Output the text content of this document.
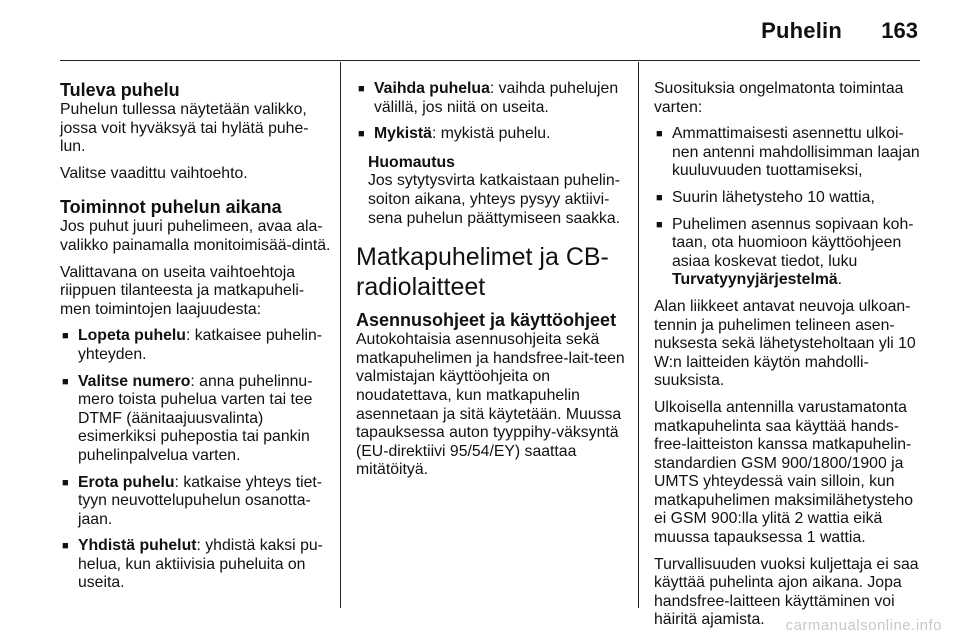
Puhelin 163
Tuleva puhelu

Puhelun tullessa näytetään valikko, jossa voit hyväksyä tai hylätä puhe-lun.

Valitse vaadittu vaihtoehto.

Toiminnot puhelun aikana

Jos puhut juuri puhelimeen, avaa ala-valikko painamalla monitoimisää-dintä.

Valittavana on useita vaihtoehtoja riippuen tilanteesta ja matkapuheli-men toimintojen laajuudesta:

■ Lopeta puhelu: katkaisee puhelin-yhteyden.
■ Valitse numero: anna puhelinnu-mero toista puhelua varten tai tee DTMF (äänitaajuusvalinta) esimerkiksi puhepostia tai pankin puhelinpalvelua varten.
■ Erota puhelu: katkaise yhteys tiet-tyyn neuvottelupuhelun osanotta-jaan.
■ Yhdistä puhelut: yhdistä kaksi pu-helua, kun aktiivisia puheluita on useita.
■ Vaihda puhelua: vaihda puhelujen välillä, jos niitä on useita.
■ Mykistä: mykistä puhelu.
Huomautus
Jos sytytysvirta katkaistaan puhelin-soiton aikana, yhteys pysyy aktiivi-sena puhelun päättymiseen saakka.
Matkapuhelimet ja CB-radiolaitteet
Asennusohjeet ja käyttöohjeet

Autokohtaisia asennusohjeita sekä matkapuhelimen ja handsfree-lait-teen valmistajan käyttöohjeita on noudatettava, kun matkapuhelin asennetaan ja sitä käytetään. Muussa tapauksessa auton tyyppihy-väksyntä (EU-direktiivi 95/54/EY) saattaa mitätöityä.

Suosituksia ongelmatonta toimintaa varten:

■ Ammattimaisesti asennettu ulkoi-nen antenni mahdollisimman laajan kuuluvuuden tuottamiseksi,
■ Suurin lähetysteho 10 wattia,
■ Puhelimen asennus sopivaan koh-taan, ota huomioon käyttöohjeen asiaa koskevat tiedot, luku Turvatyynyjärjestelmä.

Alan liikkeet antavat neuvoja ulkoan-tennin ja puhelimen telineen asen-nuksesta sekä lähetysteholtaan yli 10 W:n laitteiden käytön mahdolli-suuksista.

Ulkoisella antennilla varustamatonta matkapuhelinta saa käyttää hands-free-laitteiston kanssa matkapuhelin-standardien GSM 900/1800/1900 ja UMTS yhteydessä vain silloin, kun matkapuhelimen maksimilähetysteho ei GSM 900:lla ylitä 2 wattia eikä muussa tapauksessa 1 wattia.

Turvallisuuden vuoksi kuljettaja ei saa käyttää puhelinta ajon aikana. Jopa handsfree-laitteen käyttäminen voi häiritä ajamista.	carmanualsonline.info
